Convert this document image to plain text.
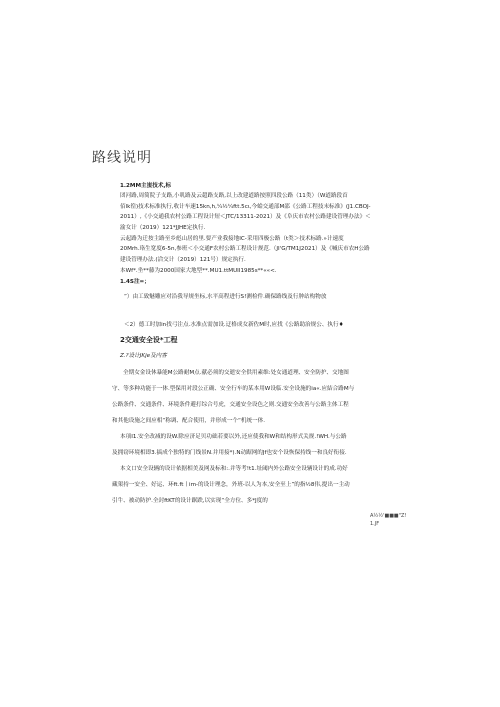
路线说明
1.2MM主蚩技术,标
团河路,周简院子支路,小叽路及云超路支路,以上改建道路按照四段公路（11类）（W道路段首
佰lk徨)技术标准执行,收计车速15kn,h,¼½¼ftt.5cι,今蛤交通部M邵《公路工程技末标准》(J1.CBOJ-
2011）,《小交通我农村公路工程设计短＜JTC/13311-2021）及《阜庆市农村公路建设管理办法》＜
渝女计（2019）121*JJHE定执行.
云起路为迁按主路至乡彪山居的里.要产业我接地IC-采用四极公路（t类＞技术标路.»计速度
20Mrh.珞生宽度6-5n,参班＜小交通F农村公路工程设计规范.（JI'G/TM1J2021）及《喊庆市农H公路
建设管理办法.(洽交计（2019）121号）规定执行.
本Wf*.坐**藤为2000国家大地型**.MU1.ttMUII1985s**««<.
1.4S注=；
”）由工致魅雕应对沿我导规坐标,水平高程进行S!测检件.确保路线及行肿站构物放
＜2）德工时加in找弓注点.水准点需加设.迂格成女新佐M时,应找《公路助治规公、执行♦
2交通安全设*工程
Z.?设计JKje及内客
全期女金设休暴能M公路耐M点.献必须的交逝安全供用素维:处女通道理、安全防护、交地图
守、等多种功能于一体.型保用对段公正确、安全行车的某本用W设临.安全设施的ia«.应結合路M与
公路条件、交通条件、环境条件避打综合号虎，交通安全设色之则.交通安全改善与公路主体工程
和其他设施之间应相“称调、配合使用，并形成一个“机统一体.
本项I1.安全改减的设W.除应济足贝功础若要以外,还应使我和W和结构形式关规.!WH.与公路
及拥窃环境相即3.搞成个独特的门线景N.并用接*).N动踞网的Jf也安个设恢保持线一和良好衔接.
本文口安全设辆的设计依据相美及网及标和:.并等考!t1.址阈内外公路安全设辆设计的成.功好
藏架持一安全、好运、环ft.ft丨im-的设计理念，外班-以人为本,安全至上”的指½8伟,提出一主动
引牛、被动防护.全封ftKT的设计踞跌,以实现“全方位、多*J度的
A½½'■■■"Z!
1.JF
